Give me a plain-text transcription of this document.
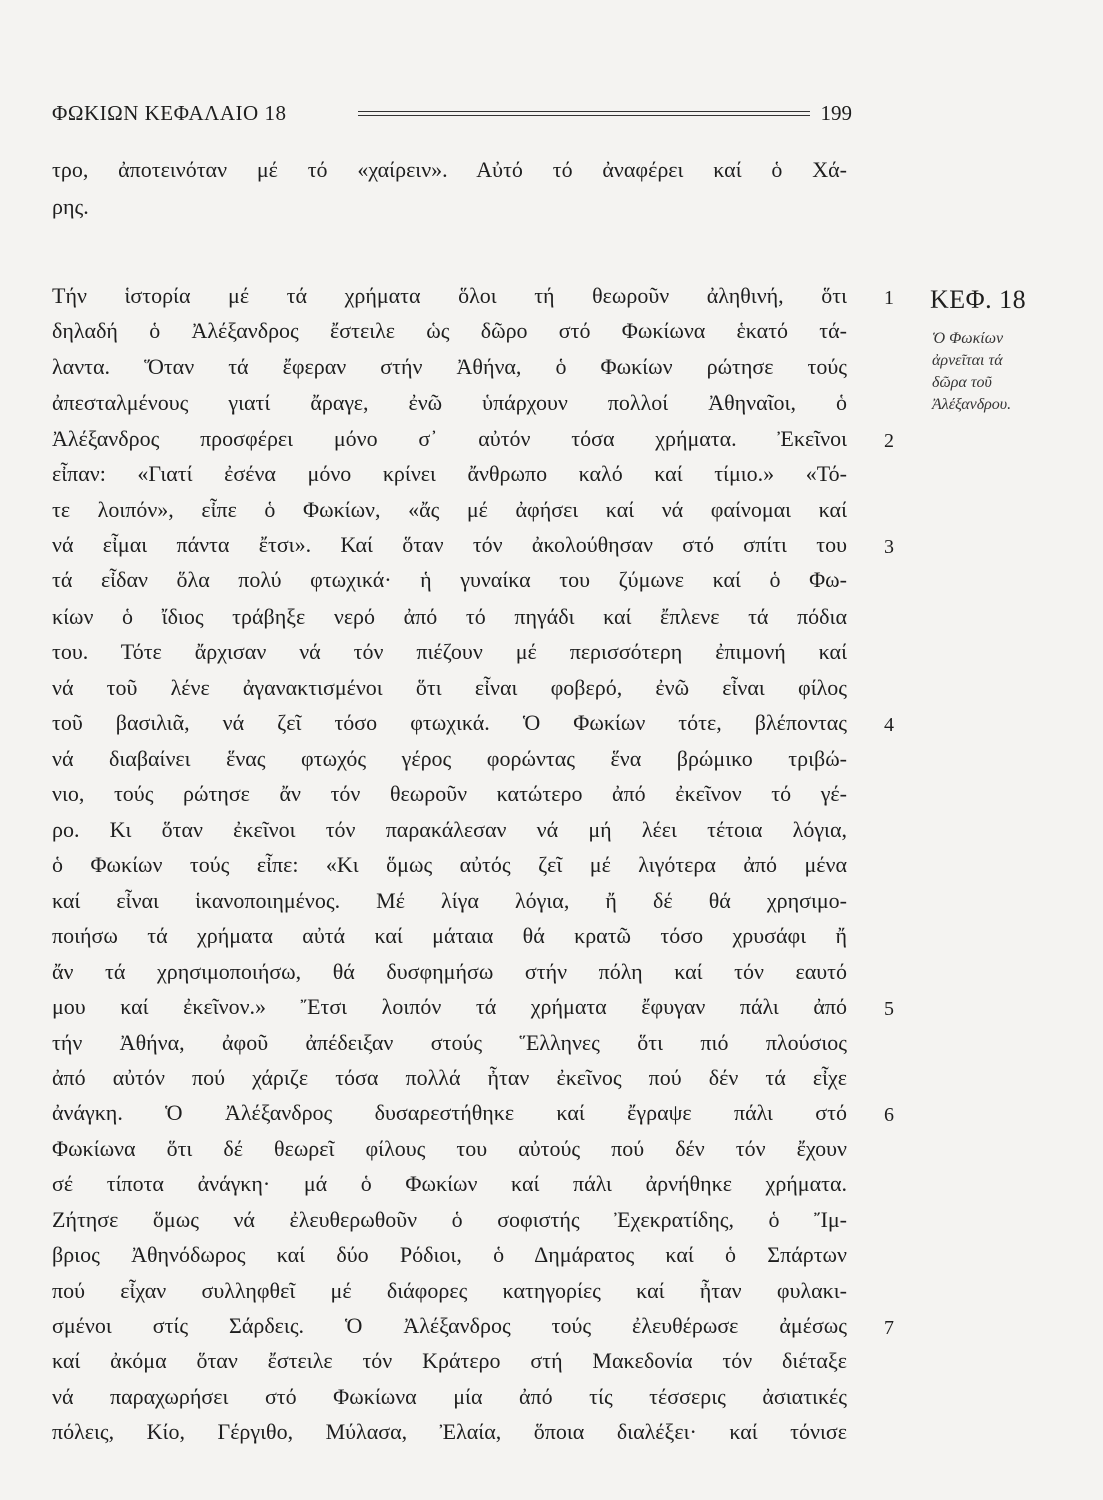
ΦΩΚΙΩΝ ΚΕΦΑΛΑΙΟ 18	199
τρο, ἀποτεινόταν μέ τό «χαίρειν». Αὐτό τό ἀναφέρει καί ὁ Χά-
ρης.
Τήν ἱστορία μέ τά χρήματα ὅλοι τή θεωροῦν ἀληθινή, ὅτι
δηλαδή ὁ Ἀλέξανδρος ἔστειλε ὡς δῶρο στό Φωκίωνα ἑκατό τά-
λαντα. Ὅταν τά ἔφεραν στήν Ἀθήνα, ὁ Φωκίων ρώτησε τούς
ἀπεσταλμένους γιατί ἄραγε, ἐνῶ ὑπάρχουν πολλοί Ἀθηναῖοι, ὁ
Ἀλέξανδρος προσφέρει μόνο σ᾽ αὐτόν τόσα χρήματα. Ἐκεῖνοι
εἶπαν: «Γιατί ἐσένα μόνο κρίνει ἄνθρωπο καλό καί τίμιο.» «Τό-
τε λοιπόν», εἶπε ὁ Φωκίων, «ἄς μέ ἀφήσει καί νά φαίνομαι καί
νά εἶμαι πάντα ἔτσι». Καί ὅταν τόν ἀκολούθησαν στό σπίτι του
τά εἶδαν ὅλα πολύ φτωχικά· ἡ γυναίκα του ζύμωνε καί ὁ Φω-
κίων ὁ ἴδιος τράβηξε νερό ἀπό τό πηγάδι καί ἔπλενε τά πόδια
του. Τότε ἄρχισαν νά τόν πιέζουν μέ περισσότερη ἐπιμονή καί
νά τοῦ λένε ἀγανακτισμένοι ὅτι εἶναι φοβερό, ἐνῶ εἶναι φίλος
τοῦ βασιλιᾶ, νά ζεῖ τόσο φτωχικά. Ὁ Φωκίων τότε, βλέποντας
νά διαβαίνει ἕνας φτωχός γέρος φορώντας ἕνα βρώμικο τριβώ-
νιο, τούς ρώτησε ἄν τόν θεωροῦν κατώτερο ἀπό ἐκεῖνον τό γέ-
ρο. Κι ὅταν ἐκεῖνοι τόν παρακάλεσαν νά μή λέει τέτοια λόγια,
ὁ Φωκίων τούς εἶπε: «Κι ὅμως αὐτός ζεῖ μέ λιγότερα ἀπό μένα
καί εἶναι ἱκανοποιημένος. Μέ λίγα λόγια, ἤ δέ θά χρησιμο-
ποιήσω τά χρήματα αὐτά καί μάταια θά κρατῶ τόσο χρυσάφι ἤ
ἄν τά χρησιμοποιήσω, θά δυσφημήσω στήν πόλη καί τόν εαυτό
μου καί ἐκεῖνον.» Ἔτσι λοιπόν τά χρήματα ἔφυγαν πάλι ἀπό
τήν Ἀθήνα, ἀφοῦ ἀπέδειξαν στούς Ἕλληνες ὅτι πιό πλούσιος
ἀπό αὐτόν πού χάριζε τόσα πολλά ἦταν ἐκεῖνος πού δέν τά εἶχε
ἀνάγκη. Ὁ Ἀλέξανδρος δυσαρεστήθηκε καί ἔγραψε πάλι στό
Φωκίωνα ὅτι δέ θεωρεῖ φίλους του αὐτούς πού δέν τόν ἔχουν
σέ τίποτα ἀνάγκη· μά ὁ Φωκίων καί πάλι ἀρνήθηκε χρήματα.
Ζήτησε ὅμως νά ἐλευθερωθοῦν ὁ σοφιστής Ἐχεκρατίδης, ὁ Ἴμ-
βριος Ἀθηνόδωρος καί δύο Ρόδιοι, ὁ Δημάρατος καί ὁ Σπάρτων
πού εἶχαν συλληφθεῖ μέ διάφορες κατηγορίες καί ἦταν φυλακι-
σμένοι στίς Σάρδεις. Ὁ Ἀλέξανδρος τούς ἐλευθέρωσε ἀμέσως
καί ἀκόμα ὅταν ἔστειλε τόν Κράτερο στή Μακεδονία τόν διέταξε
νά παραχωρήσει στό Φωκίωνα μία ἀπό τίς τέσσερις ἀσιατικές
πόλεις, Κίο, Γέργιθο, Μύλασα, Ἐλαία, ὅποια διαλέξει· καί τόνισε
1
2
3
4
5
6
7
ΚΕΦ. 18
Ὁ Φωκίων
ἀρνεῖται τά
δῶρα τοῦ
Ἀλέξανδρου.
